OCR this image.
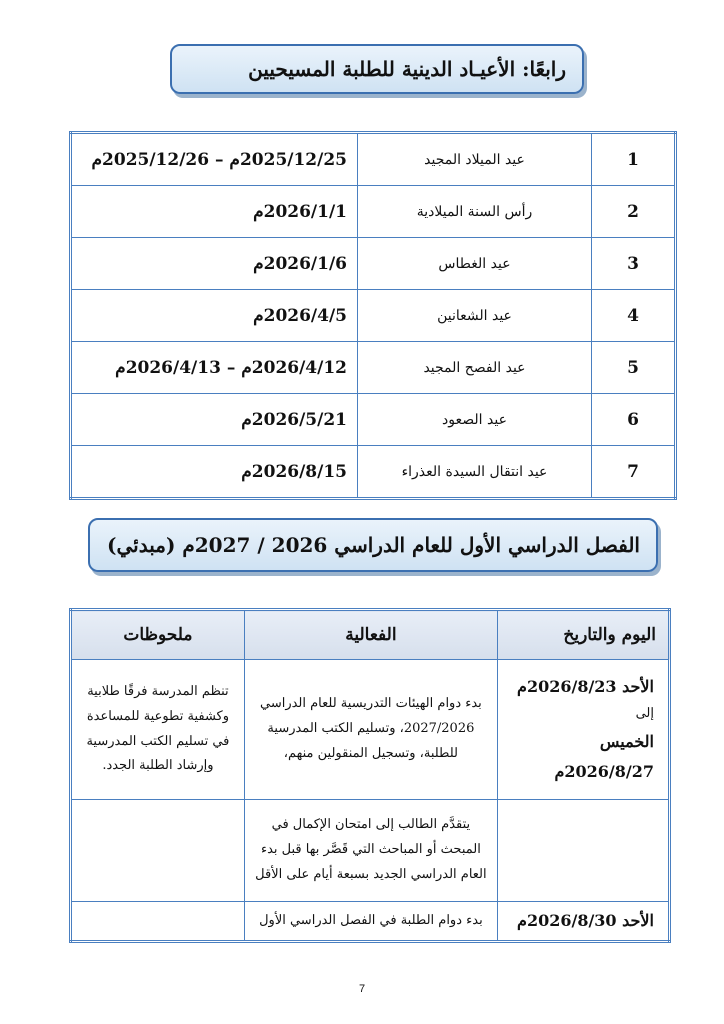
رابعًا: الأعيـاد الدينية للطلبة المسيحيين
1	عيد الميلاد المجيد	2025/12/25م – 2025/12/26م
2	رأس السنة الميلادية	2026/1/1م
3	عيد الغطاس	2026/1/6م
4	عيد الشعانين	2026/4/5م
5	عيد الفصح المجيد	2026/4/12م – 2026/4/13م
6	عيد الصعود	2026/5/21م
7	عيد انتقال السيدة العذراء	2026/8/15م
الفصل الدراسي الأول للعام الدراسي 2026 / 2027م (مبدئي)
اليوم والتاريخ	الفعالية	ملحوظات

الأحد 2026/8/23م
إلى
الخميس 2026/8/27م	بدء دوام الهيئات التدريسية للعام الدراسي 2027/2026، وتسليم الكتب المدرسية للطلبة، وتسجيل المنقولين منهم،	تنظم المدرسة فرقًا طلابية وكشفية تطوعية للمساعدة في تسليم الكتب المدرسية وإرشاد الطلبة الجدد.
	يتقدَّم الطالب إلى امتحان الإكمال في المبحث أو المباحث التي قَصَّر بها قبل بدء العام الدراسي الجديد بسبعة أيام على الأقل	
الأحد 2026/8/30م	بدء دوام الطلبة في الفصل الدراسي الأول	
7
